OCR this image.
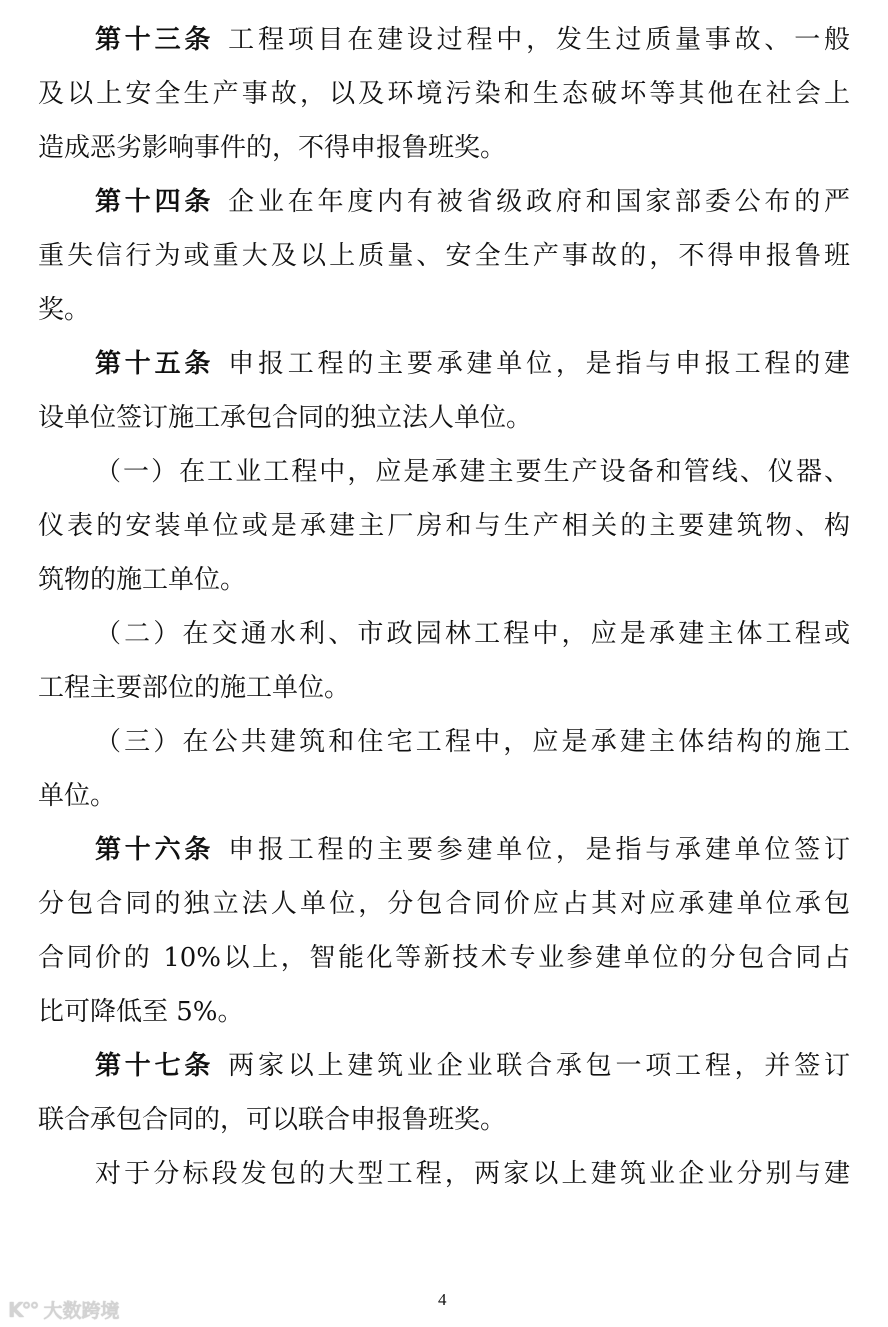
第十三条 工程项目在建设过程中，发生过质量事故、一般
及以上安全生产事故，以及环境污染和生态破坏等其他在社会上
造成恶劣影响事件的，不得申报鲁班奖。
第十四条 企业在年度内有被省级政府和国家部委公布的严
重失信行为或重大及以上质量、安全生产事故的，不得申报鲁班
奖。
第十五条 申报工程的主要承建单位，是指与申报工程的建
设单位签订施工承包合同的独立法人单位。
（一）在工业工程中，应是承建主要生产设备和管线、仪器、
仪表的安装单位或是承建主厂房和与生产相关的主要建筑物、构
筑物的施工单位。
（二）在交通水利、市政园林工程中，应是承建主体工程或
工程主要部位的施工单位。
（三）在公共建筑和住宅工程中，应是承建主体结构的施工
单位。
第十六条 申报工程的主要参建单位，是指与承建单位签订
分包合同的独立法人单位，分包合同价应占其对应承建单位承包
合同价的 10%以上，智能化等新技术专业参建单位的分包合同占
比可降低至 5%。
第十七条 两家以上建筑业企业联合承包一项工程，并签订
联合承包合同的，可以联合申报鲁班奖。
对于分标段发包的大型工程，两家以上建筑业企业分别与建
4
K°° 大数跨境
